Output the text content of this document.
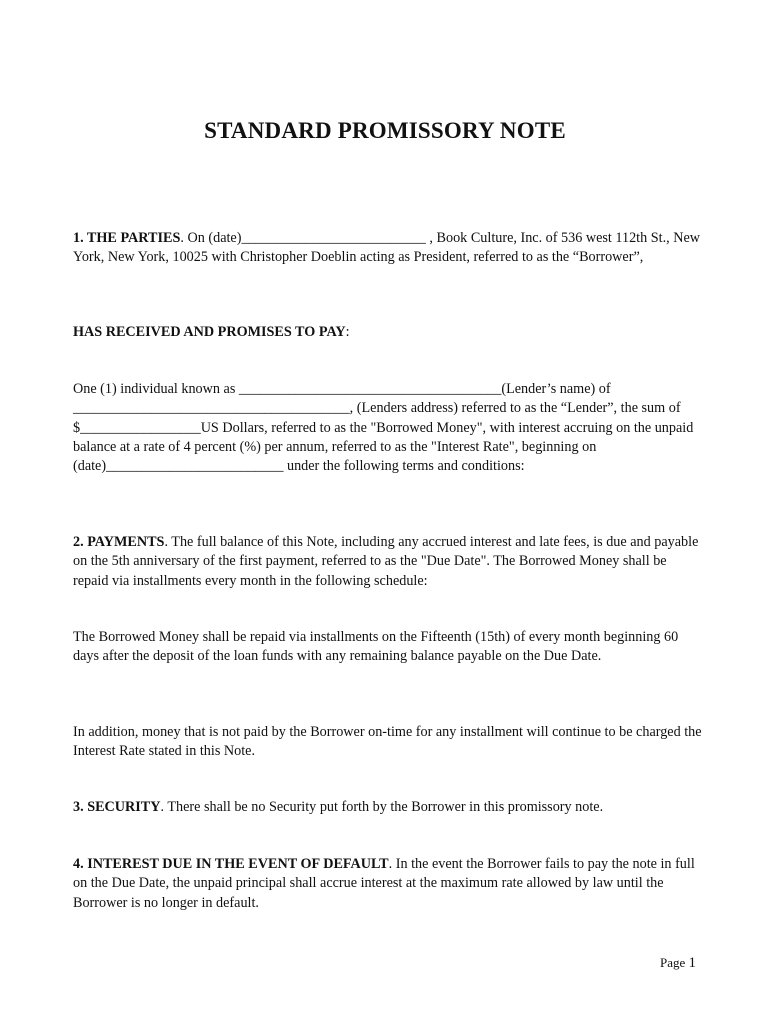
STANDARD PROMISSORY NOTE

1. THE PARTIES. On (date)__________________________ , Book Culture, Inc. of 536 west 112th St., New York, New York, 10025 with Christopher Doeblin acting as President, referred to as the “Borrower”,

HAS RECEIVED AND PROMISES TO PAY:

One (1) individual known as _____________________________________(Lender’s name) of _______________________________________, (Lenders address) referred to as the “Lender”, the sum of $_________________US Dollars, referred to as the "Borrowed Money", with interest accruing on the unpaid balance at a rate of 4 percent (%) per annum, referred to as the "Interest Rate", beginning on (date)_________________________ under the following terms and conditions:

2. PAYMENTS. The full balance of this Note, including any accrued interest and late fees, is due and payable on the 5th anniversary of the first payment, referred to as the "Due Date". The Borrowed Money shall be repaid via installments every month in the following schedule:

The Borrowed Money shall be repaid via installments on the Fifteenth (15th) of every month beginning 60 days after the deposit of the loan funds with any remaining balance payable on the Due Date.

In addition, money that is not paid by the Borrower on-time for any installment will continue to be charged the Interest Rate stated in this Note.

3. SECURITY. There shall be no Security put forth by the Borrower in this promissory note.

4. INTEREST DUE IN THE EVENT OF DEFAULT. In the event the Borrower fails to pay the note in full on the Due Date, the unpaid principal shall accrue interest at the maximum rate allowed by law until the Borrower is no longer in default.

Page 1
